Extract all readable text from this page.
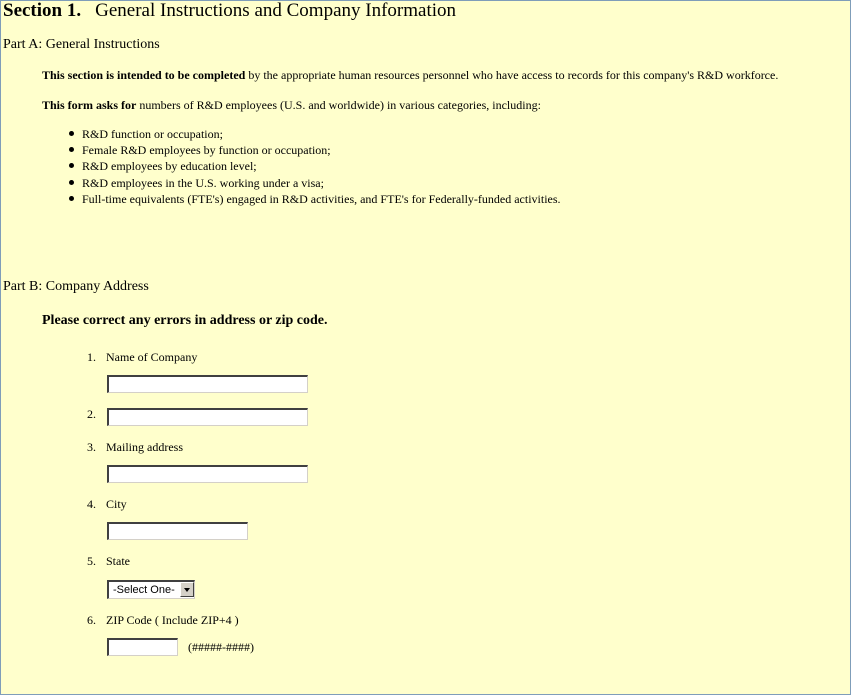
Section 1. General Instructions and Company Information
Part A: General Instructions
This section is intended to be completed by the appropriate human resources personnel who have access to records for this company's R&D workforce.
This form asks for numbers of R&D employees (U.S. and worldwide) in various categories, including:
R&D function or occupation;
Female R&D employees by function or occupation;
R&D employees by education level;
R&D employees in the U.S. working under a visa;
Full-time equivalents (FTE's) engaged in R&D activities, and FTE's for Federally-funded activities.
Part B: Company Address
Please correct any errors in address or zip code.
1. Name of Company
2.
3. Mailing address
4. City
5. State
-Select One-
6. ZIP Code ( Include ZIP+4 )
(#####-####)
